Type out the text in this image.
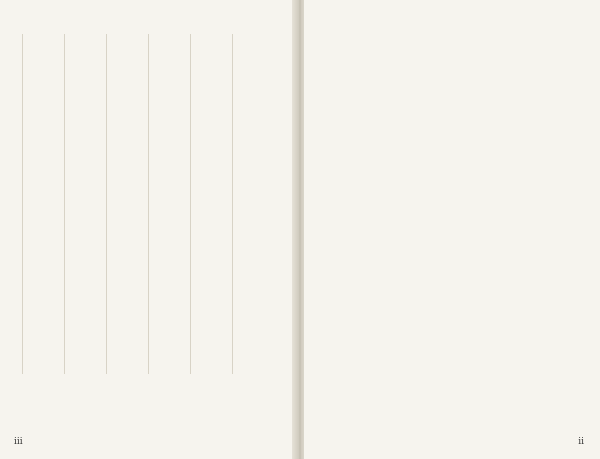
iii	ii
